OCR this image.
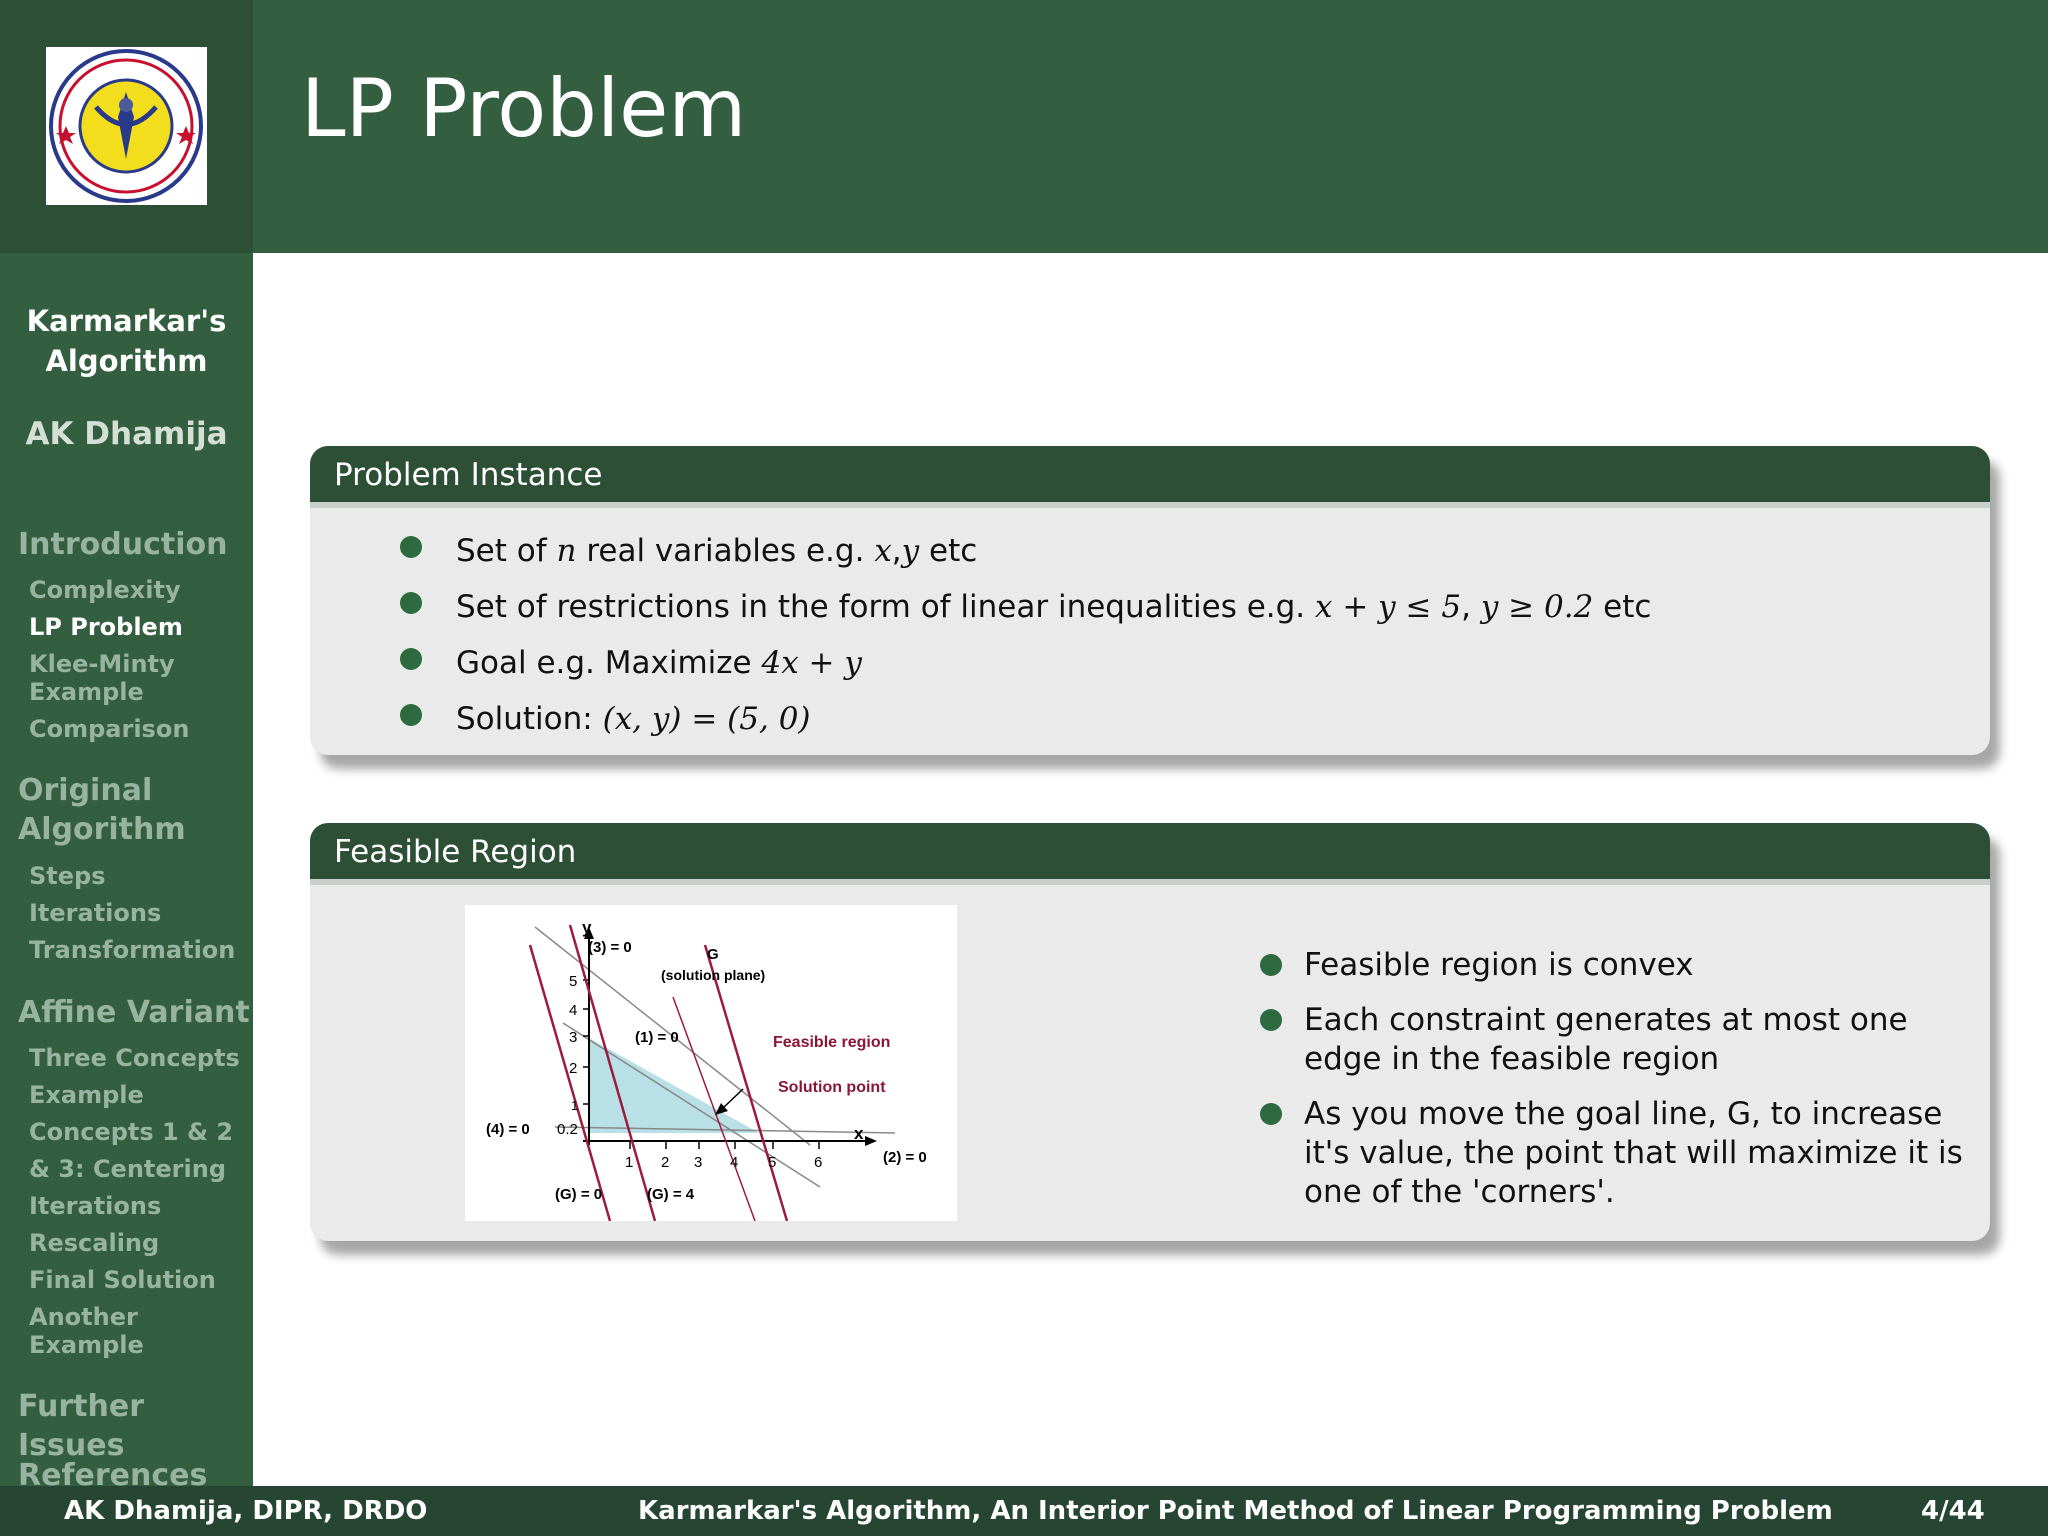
Karmarkar's
Algorithm
AK Dhamija
Introduction
Complexity
LP Problem
Klee-Minty
Example
Comparison
Original
Algorithm
Steps
Iterations
Transformation
Affine Variant
Three Concepts
Example
Concepts 1 & 2
& 3: Centering
Iterations
Rescaling
Final Solution
Another
Example
Further Issues
References
LP Problem
Problem Instance
Set of n real variables e.g. x,y etc
Set of restrictions in the form of linear inequalities e.g. x + y ≤ 5, y ≥ 0.2 etc
Goal e.g. Maximize 4x + y
Solution: (x, y) = (5, 0)
Feasible Region
y
x
(3) = 0	G
(solution plane)
(1) = 0	Feasible region
Solution point
(4) = 0
(2) = 0
(G) = 0	(G) = 4
5
4
3
2
1
0.2
1 2 3 4 5	6
Feasible region is convex
Each constraint generates at most one edge in the feasible region
As you move the goal line, G, to increase it's value, the point that will maximize it is one of the 'corners'.
AK Dhamija, DIPR, DRDO	Karmarkar's Algorithm, An Interior Point Method of Linear Programming Problem	4/44
